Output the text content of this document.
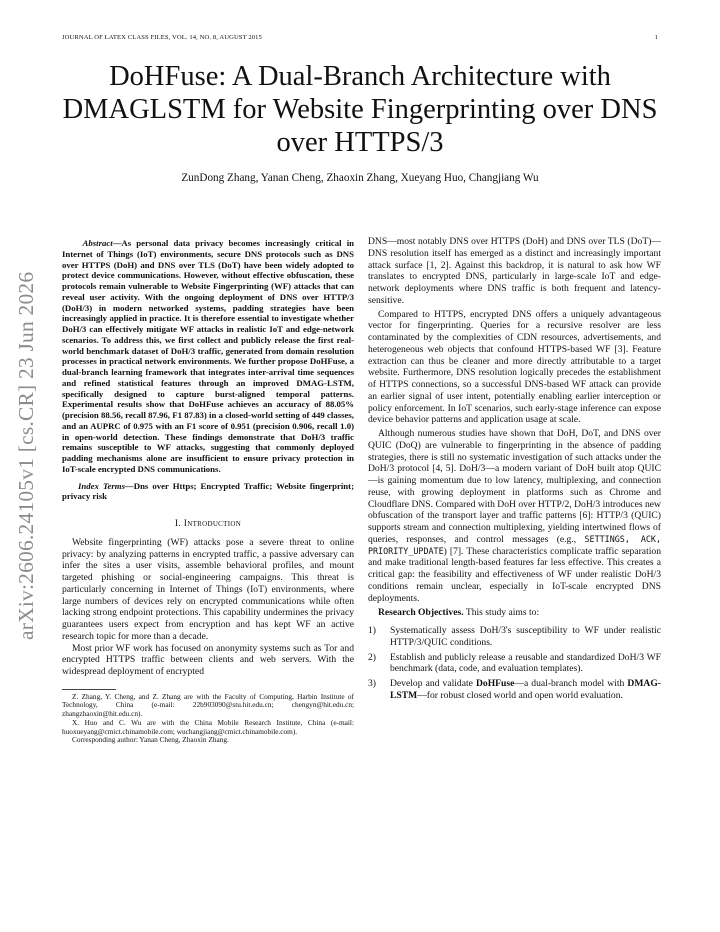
JOURNAL OF LATEX CLASS FILES, VOL. 14, NO. 8, AUGUST 2015	1
arXiv:2606.24105v1 [cs.CR] 23 Jun 2026
DoHFuse: A Dual-Branch Architecture with DMAGLSTM for Website Fingerprinting over DNS over HTTPS/3
ZunDong Zhang, Yanan Cheng, Zhaoxin Zhang, Xueyang Huo, Changjiang Wu
Abstract—As personal data privacy becomes increasingly critical in Internet of Things (IoT) environments, secure DNS protocols such as DNS over HTTPS (DoH) and DNS over TLS (DoT) have been widely adopted to protect device communications. However, without effective obfuscation, these protocols remain vulnerable to Website Fingerprinting (WF) attacks that can reveal user activity. With the ongoing deployment of DNS over HTTP/3 (DoH/3) in modern networked systems, padding strategies have been increasingly applied in practice. It is therefore essential to investigate whether DoH/3 can effectively mitigate WF attacks in realistic IoT and edge-network scenarios. To address this, we first collect and publicly release the first real-world benchmark dataset of DoH/3 traffic, generated from domain resolution processes in practical network environments. We further propose DoHFuse, a dual-branch learning framework that integrates inter-arrival time sequences and refined statistical features through an improved DMAG-LSTM, specifically designed to capture burst-aligned temporal patterns. Experimental results show that DoHFuse achieves an accuracy of 88.05% (precision 88.56, recall 87.96, F1 87.83) in a closed-world setting of 449 classes, and an AUPRC of 0.975 with an F1 score of 0.951 (precision 0.906, recall 1.0) in open-world detection. These findings demonstrate that DoH/3 traffic remains susceptible to WF attacks, suggesting that commonly deployed padding mechanisms alone are insufficient to ensure privacy protection in IoT-scale encrypted DNS communications.
Index Terms—Dns over Https; Encrypted Traffic; Website fingerprint; privacy risk
I. Introduction

Website fingerprinting (WF) attacks pose a severe threat to online privacy: by analyzing patterns in encrypted traffic, a passive adversary can infer the sites a user visits, assemble behavioral profiles, and mount targeted phishing or social-engineering campaigns. This threat is particularly concerning in Internet of Things (IoT) environments, where large numbers of devices rely on encrypted communications while often lacking strong endpoint protections. This capability undermines the privacy guarantees users expect from encryption and has kept WF an active research topic for more than a decade.

Most prior WF work has focused on anonymity systems such as Tor and encrypted HTTPS traffic between clients and web servers. With the widespread deployment of encrypted

Z. Zhang, Y. Cheng, and Z. Zhang are with the Faculty of Computing, Harbin Institute of Technology, China (e-mail: 22b903090@stu.hit.edu.cn; chengyn@hit.edu.cn; zhangzhaoxin@hit.edu.cn).

X. Huo and C. Wu are with the China Mobile Research Institute, China (e-mail: huoxueyang@cmict.chinamobile.com; wuchangjiang@cmict.chinamobile.com).

Corresponding author: Yanan Cheng, Zhaoxin Zhang.

DNS—most notably DNS over HTTPS (DoH) and DNS over TLS (DoT)—DNS resolution itself has emerged as a distinct and increasingly important attack surface [1, 2]. Against this backdrop, it is natural to ask how WF translates to encrypted DNS, particularly in large-scale IoT and edge-network deployments where DNS traffic is both frequent and latency-sensitive.

Compared to HTTPS, encrypted DNS offers a uniquely advantageous vector for fingerprinting. Queries for a recursive resolver are less contaminated by the complexities of CDN resources, advertisements, and heterogeneous web objects that confound HTTPS-based WF [3]. Feature extraction can thus be cleaner and more directly attributable to a target website. Furthermore, DNS resolution logically precedes the establishment of HTTPS connections, so a successful DNS-based WF attack can provide an earlier signal of user intent, potentially enabling earlier interception or policy enforcement. In IoT scenarios, such early-stage inference can expose device behavior patterns and application usage at scale.

Although numerous studies have shown that DoH, DoT, and DNS over QUIC (DoQ) are vulnerable to fingerprinting in the absence of padding strategies, there is still no systematic investigation of such attacks under the DoH/3 protocol [4, 5]. DoH/3—a modern variant of DoH built atop QUIC—is gaining momentum due to low latency, multiplexing, and connection reuse, with growing deployment in platforms such as Chrome and Cloudflare DNS. Compared with DoH over HTTP/2, DoH/3 introduces new obfuscation of the transport layer and traffic patterns [6]: HTTP/3 (QUIC) supports stream and connection multiplexing, yielding intertwined flows of queries, responses, and control messages (e.g., SETTINGS, ACK, PRIORITY_UPDATE) [7]. These characteristics complicate traffic separation and make traditional length-based features far less effective. This creates a critical gap: the feasibility and effectiveness of WF under realistic DoH/3 conditions remain unclear, especially in IoT-scale encrypted DNS deployments.

Research Objectives. This study aims to:

1) Systematically assess DoH/3's susceptibility to WF under realistic HTTP/3/QUIC conditions.
2) Establish and publicly release a reusable and standardized DoH/3 WF benchmark (data, code, and evaluation templates).
3) Develop and validate DoHFuse—a dual-branch model with DMAG-LSTM—for robust closed world and open world evaluation.
